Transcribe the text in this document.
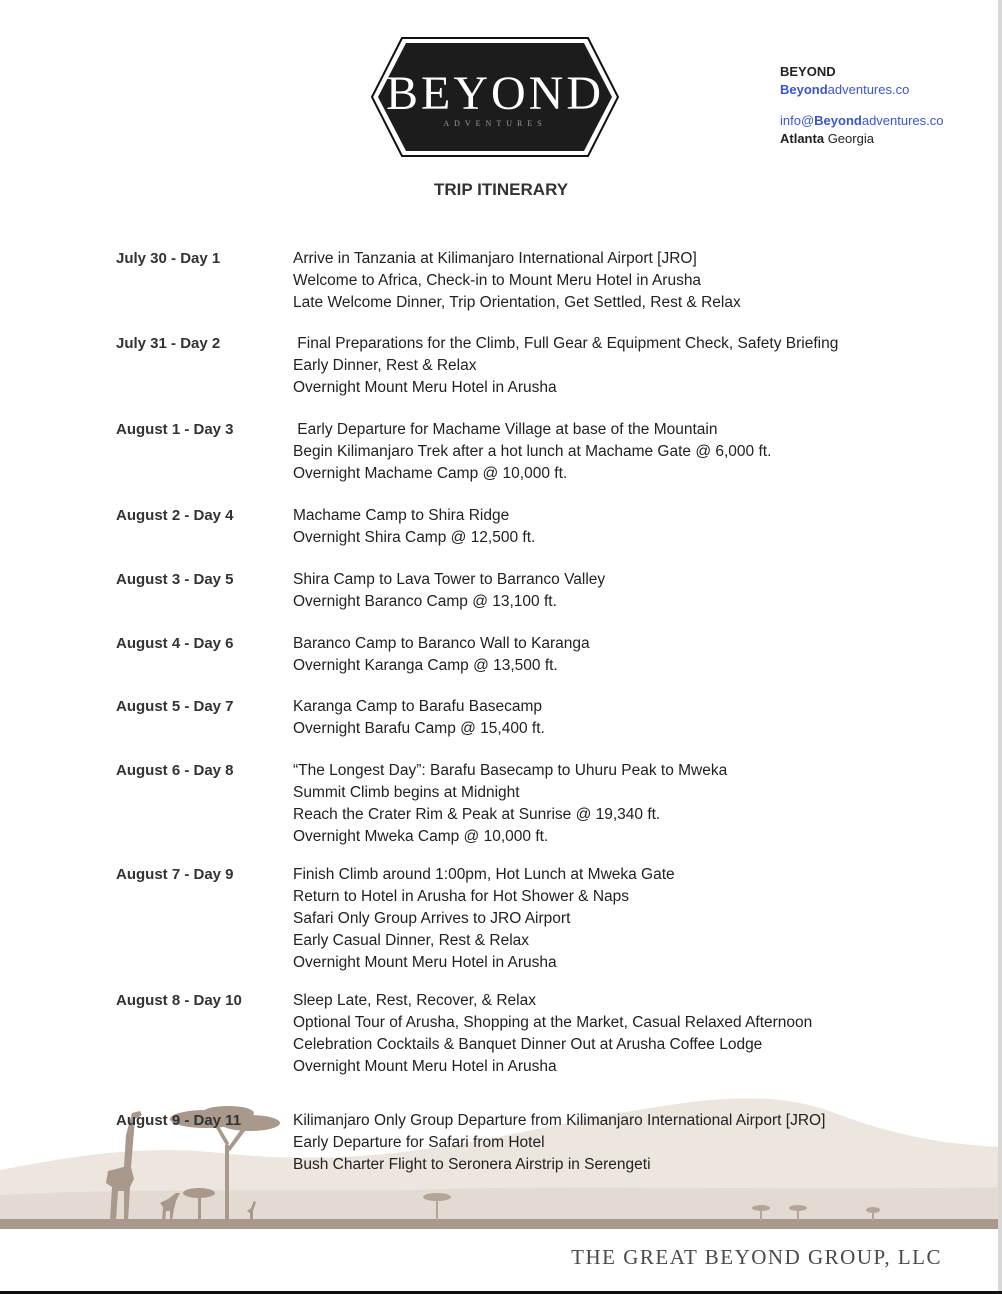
BEYOND
ADVENTURES
BEYOND
Beyondadventures.co
info@Beyondadventures.co
Atlanta Georgia
TRIP ITINERARY
July 30 - Day 1	Arrive in Tanzania at Kilimanjaro International Airport [JRO]
Welcome to Africa, Check-in to Mount Meru Hotel in Arusha
Late Welcome Dinner, Trip Orientation, Get Settled, Rest & Relax
July 31 - Day 2	Final Preparations for the Climb, Full Gear & Equipment Check, Safety Briefing
Early Dinner, Rest & Relax
Overnight Mount Meru Hotel in Arusha
August 1 - Day 3	Early Departure for Machame Village at base of the Mountain
Begin Kilimanjaro Trek after a hot lunch at Machame Gate @ 6,000 ft.
Overnight Machame Camp @ 10,000 ft.
August 2 - Day 4	Machame Camp to Shira Ridge
Overnight Shira Camp @ 12,500 ft.
August 3 - Day 5	Shira Camp to Lava Tower to Barranco Valley
Overnight Baranco Camp @ 13,100 ft.
August 4 - Day 6	Baranco Camp to Baranco Wall to Karanga
Overnight Karanga Camp @ 13,500 ft.
August 5 - Day 7	Karanga Camp to Barafu Basecamp
Overnight Barafu Camp @ 15,400 ft.
August 6 - Day 8	“The Longest Day”: Barafu Basecamp to Uhuru Peak to Mweka
Summit Climb begins at Midnight
Reach the Crater Rim & Peak at Sunrise @ 19,340 ft.
Overnight Mweka Camp @ 10,000 ft.
August 7 - Day 9	Finish Climb around 1:00pm, Hot Lunch at Mweka Gate
Return to Hotel in Arusha for Hot Shower & Naps
Safari Only Group Arrives to JRO Airport
Early Casual Dinner, Rest & Relax
Overnight Mount Meru Hotel in Arusha
August 8 - Day 10	Sleep Late, Rest, Recover, & Relax
Optional Tour of Arusha, Shopping at the Market, Casual Relaxed Afternoon
Celebration Cocktails & Banquet Dinner Out at Arusha Coffee Lodge
Overnight Mount Meru Hotel in Arusha
August 9 - Day 11	Kilimanjaro Only Group Departure from Kilimanjaro International Airport [JRO]
Early Departure for Safari from Hotel
Bush Charter Flight to Seronera Airstrip in Serengeti
THE GREAT BEYOND GROUP, LLC
